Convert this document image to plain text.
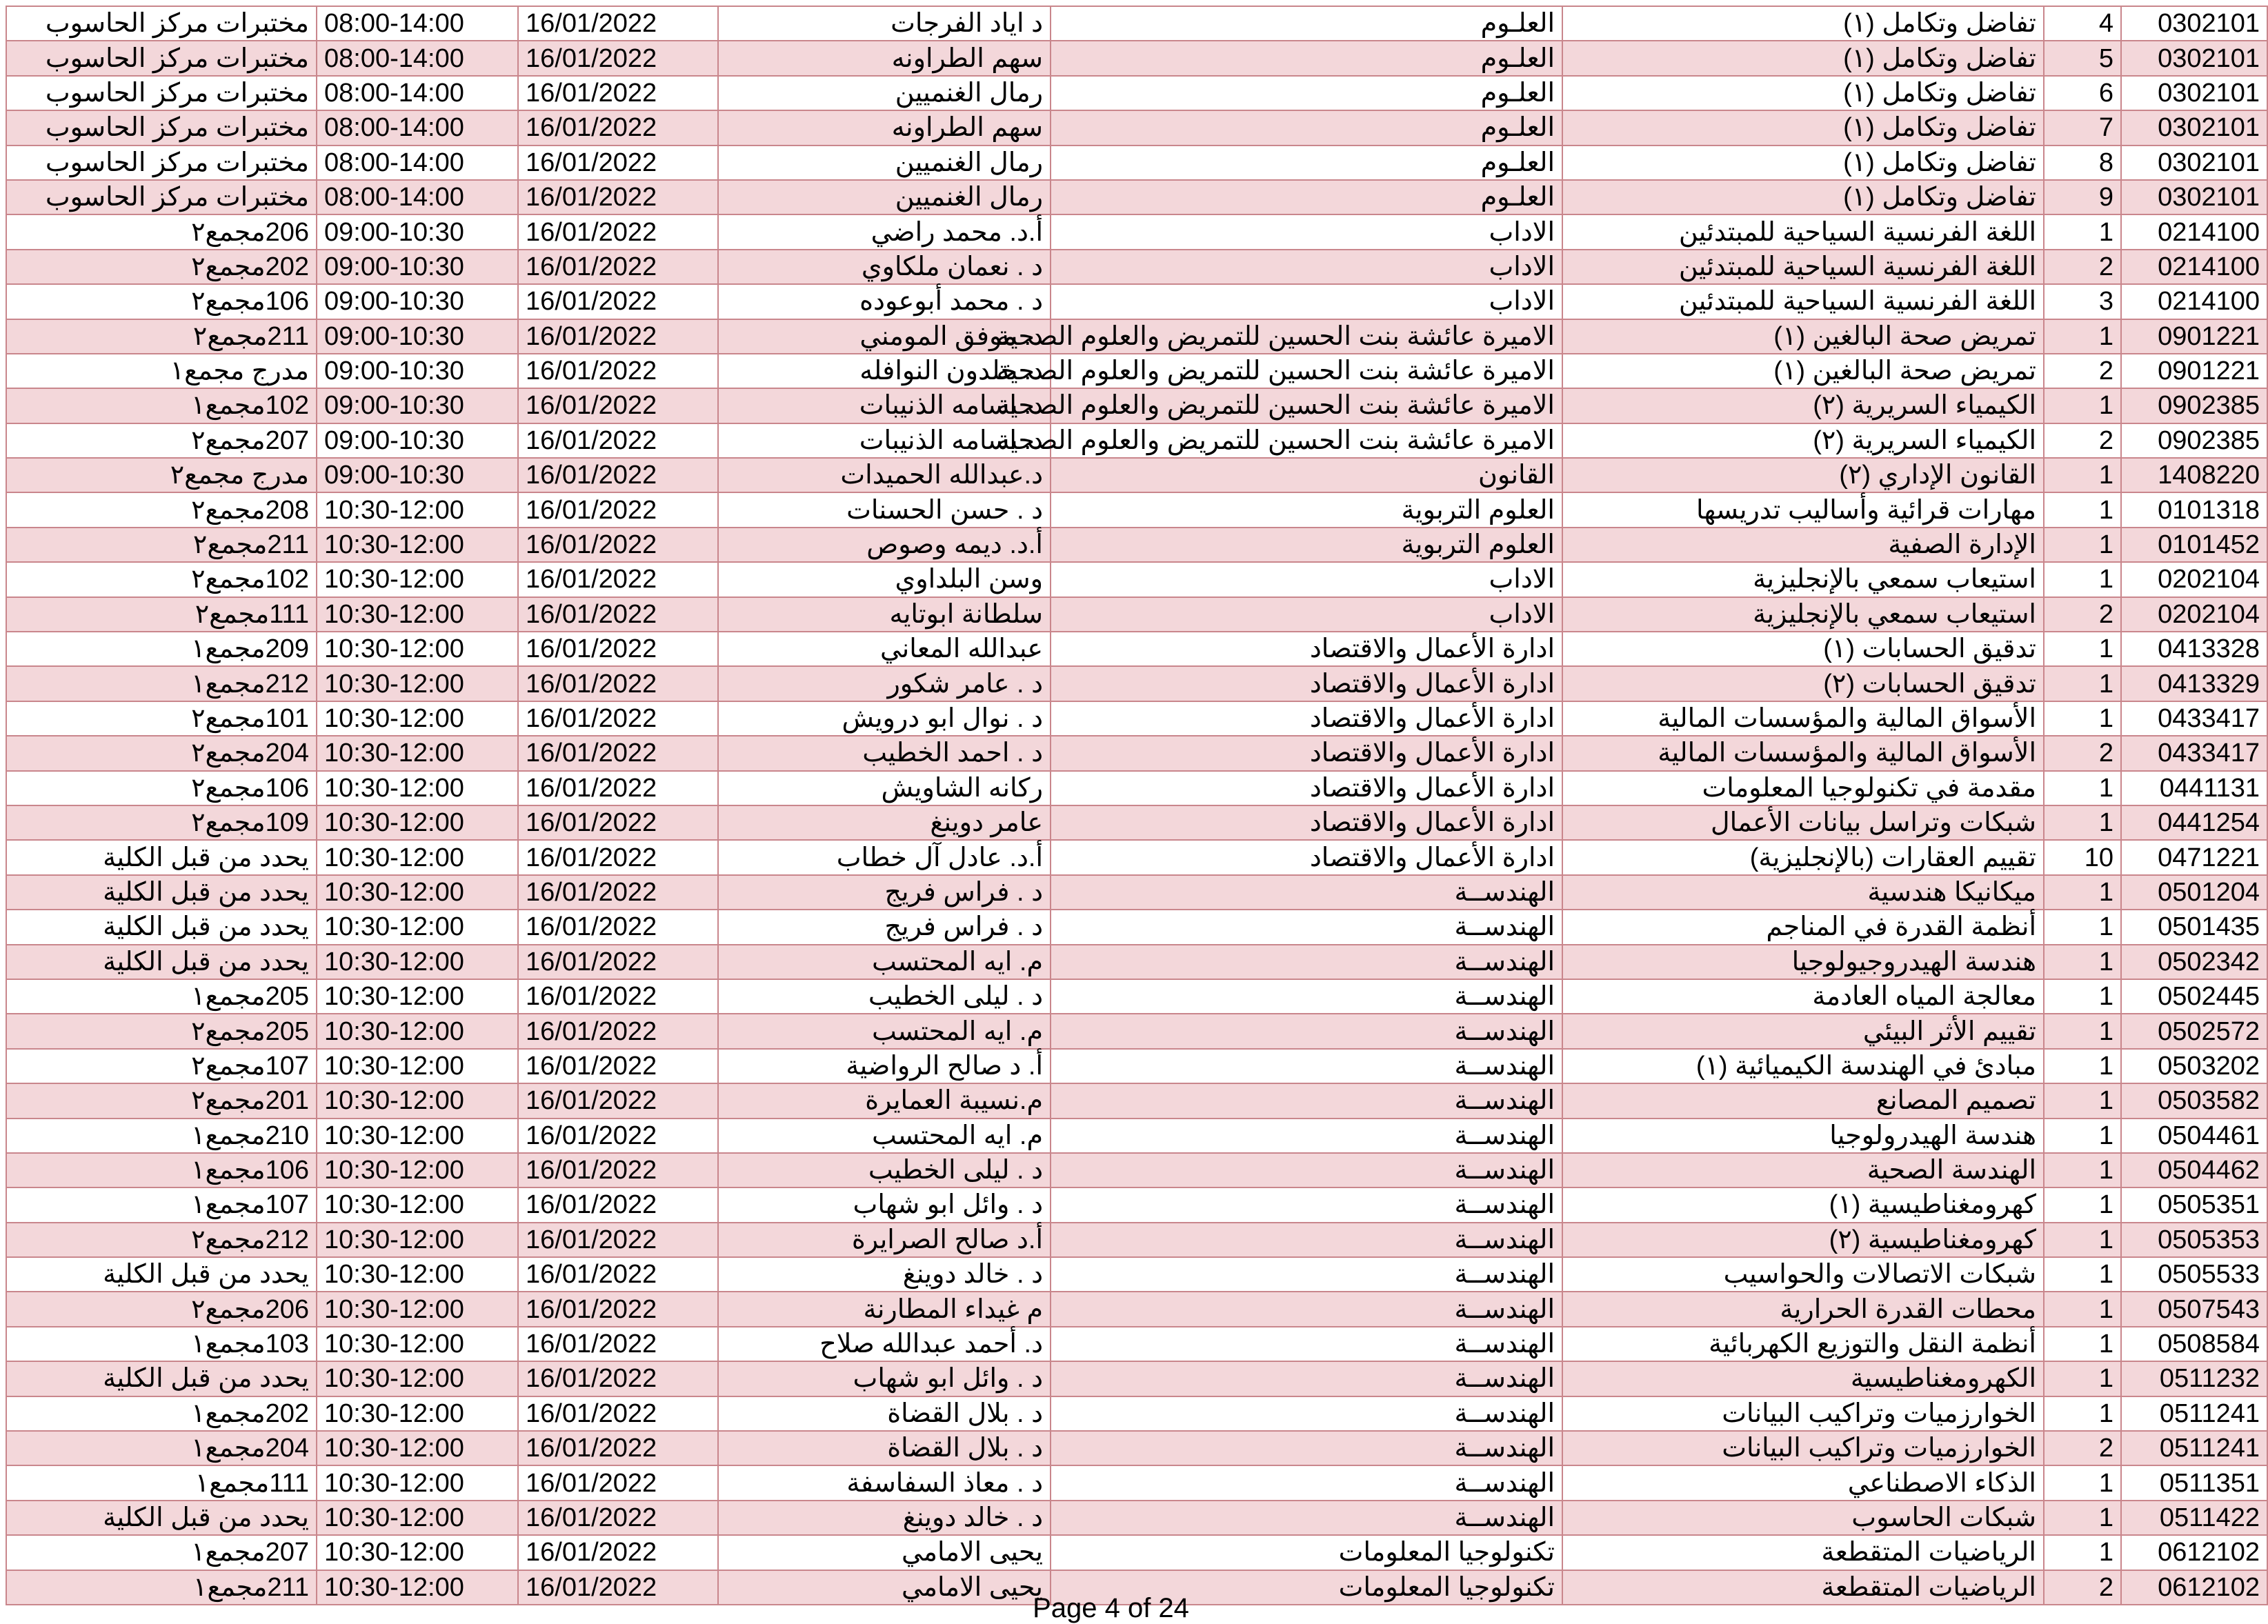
مختبرات مركز الحاسوب	08:00-14:00	16/01/2022	د اياد الفرجات	العلـوم	تفاضل وتكامل (١)	4	0302101
مختبرات مركز الحاسوب	08:00-14:00	16/01/2022	سهم الطراونه	العلـوم	تفاضل وتكامل (١)	5	0302101
مختبرات مركز الحاسوب	08:00-14:00	16/01/2022	رمال الغنميين	العلـوم	تفاضل وتكامل (١)	6	0302101
مختبرات مركز الحاسوب	08:00-14:00	16/01/2022	سهم الطراونه	العلـوم	تفاضل وتكامل (١)	7	0302101
مختبرات مركز الحاسوب	08:00-14:00	16/01/2022	رمال الغنميين	العلـوم	تفاضل وتكامل (١)	8	0302101
مختبرات مركز الحاسوب	08:00-14:00	16/01/2022	رمال الغنميين	العلـوم	تفاضل وتكامل (١)	9	0302101
206مجمع٢	09:00-10:30	16/01/2022	أ.د. محمد راضي	الاداب	اللغة الفرنسية السياحية للمبتدئين	1	0214100
202مجمع٢	09:00-10:30	16/01/2022	د . نعمان ملكاوي	الاداب	اللغة الفرنسية السياحية للمبتدئين	2	0214100
106مجمع٢	09:00-10:30	16/01/2022	د . محمد أبوعوده	الاداب	اللغة الفرنسية السياحية للمبتدئين	3	0214100
211مجمع٢	09:00-10:30	16/01/2022	د. موفق المومني	الاميرة عائشة بنت الحسين للتمريض والعلوم الصحية	تمريض صحة البالغين (١)	1	0901221
مدرج مجمع١	09:00-10:30	16/01/2022	د. خلدون النوافله	الاميرة عائشة بنت الحسين للتمريض والعلوم الصحية	تمريض صحة البالغين (١)	2	0901221
102مجمع١	09:00-10:30	16/01/2022	د. اسامه الذنيبات	الاميرة عائشة بنت الحسين للتمريض والعلوم الصحية	الكيمياء السريرية (٢)	1	0902385
207مجمع٢	09:00-10:30	16/01/2022	د. اسامه الذنيبات	الاميرة عائشة بنت الحسين للتمريض والعلوم الصحية	الكيمياء السريرية (٢)	2	0902385
مدرج مجمع٢	09:00-10:30	16/01/2022	د.عبدالله الحميدات	القانون	القانون الإداري (٢)	1	1408220
208مجمع٢	10:30-12:00	16/01/2022	د . حسن الحسنات	العلوم التربوية	مهارات قرائية وأساليب تدريسها	1	0101318
211مجمع٢	10:30-12:00	16/01/2022	أ.د. ديمه وصوص	العلوم التربوية	الإدارة الصفية	1	0101452
102مجمع٢	10:30-12:00	16/01/2022	وسن البلداوي	الاداب	استيعاب سمعي بالإنجليزية	1	0202104
111مجمع٢	10:30-12:00	16/01/2022	سلطانة ابوتايه	الاداب	استيعاب سمعي بالإنجليزية	2	0202104
209مجمع١	10:30-12:00	16/01/2022	عبدالله المعاني	ادارة الأعمال والاقتصاد	تدقيق الحسابات (١)	1	0413328
212مجمع١	10:30-12:00	16/01/2022	د . عامر شكور	ادارة الأعمال والاقتصاد	تدقيق الحسابات (٢)	1	0413329
101مجمع٢	10:30-12:00	16/01/2022	د . نوال ابو درويش	ادارة الأعمال والاقتصاد	الأسواق المالية والمؤسسات المالية	1	0433417
204مجمع٢	10:30-12:00	16/01/2022	د . احمد الخطيب	ادارة الأعمال والاقتصاد	الأسواق المالية والمؤسسات المالية	2	0433417
106مجمع٢	10:30-12:00	16/01/2022	ركانه الشاويش	ادارة الأعمال والاقتصاد	مقدمة في تكنولوجيا المعلومات	1	0441131
109مجمع٢	10:30-12:00	16/01/2022	عامر دوينغ	ادارة الأعمال والاقتصاد	شبكات وتراسل بيانات الأعمال	1	0441254
يحدد من قبل الكلية	10:30-12:00	16/01/2022	أ.د. عادل آل خطاب	ادارة الأعمال والاقتصاد	تقييم العقارات (بالإنجليزية)	10	0471221
يحدد من قبل الكلية	10:30-12:00	16/01/2022	د . فراس فريج	الهندســة	ميكانيكا هندسية	1	0501204
يحدد من قبل الكلية	10:30-12:00	16/01/2022	د . فراس فريج	الهندســة	أنظمة القدرة في المناجم	1	0501435
يحدد من قبل الكلية	10:30-12:00	16/01/2022	م. ايه المحتسب	الهندســة	هندسة الهيدروجيولوجيا	1	0502342
205مجمع١	10:30-12:00	16/01/2022	د . ليلى الخطيب	الهندســة	معالجة المياه العادمة	1	0502445
205مجمع٢	10:30-12:00	16/01/2022	م. ايه المحتسب	الهندســة	تقييم الأثر البيئي	1	0502572
107مجمع٢	10:30-12:00	16/01/2022	أ. د صالح الرواضية	الهندســة	مبادئ في الهندسة الكيميائية (١)	1	0503202
201مجمع٢	10:30-12:00	16/01/2022	م.نسيبة العمايرة	الهندســة	تصميم المصانع	1	0503582
210مجمع١	10:30-12:00	16/01/2022	م. ايه المحتسب	الهندســة	هندسة الهيدرولوجيا	1	0504461
106مجمع١	10:30-12:00	16/01/2022	د . ليلى الخطيب	الهندســة	الهندسة الصحية	1	0504462
107مجمع١	10:30-12:00	16/01/2022	د . وائل ابو شهاب	الهندســة	كهرومغناطيسية (١)	1	0505351
212مجمع٢	10:30-12:00	16/01/2022	أ.د صالح الصرايرة	الهندســة	كهرومغناطيسية (٢)	1	0505353
يحدد من قبل الكلية	10:30-12:00	16/01/2022	د . خالد دوينغ	الهندســة	شبكات الاتصالات والحواسيب	1	0505533
206مجمع٢	10:30-12:00	16/01/2022	م غيداء المطارنة	الهندســة	محطات القدرة الحرارية	1	0507543
103مجمع١	10:30-12:00	16/01/2022	د. أحمد عبدالله صلاح	الهندســة	أنظمة النقل والتوزيع الكهربائية	1	0508584
يحدد من قبل الكلية	10:30-12:00	16/01/2022	د . وائل ابو شهاب	الهندســة	الكهرومغناطيسية	1	0511232
202مجمع١	10:30-12:00	16/01/2022	د . بلال القضاة	الهندســة	الخوارزميات وتراكيب البيانات	1	0511241
204مجمع١	10:30-12:00	16/01/2022	د . بلال القضاة	الهندســة	الخوارزميات وتراكيب البيانات	2	0511241
111مجمع١	10:30-12:00	16/01/2022	د . معاذ السفاسفة	الهندســة	الذكاء الاصطناعي	1	0511351
يحدد من قبل الكلية	10:30-12:00	16/01/2022	د . خالد دوينغ	الهندســة	شبكات الحاسوب	1	0511422
207مجمع١	10:30-12:00	16/01/2022	يحيى الامامي	تكنولوجيا المعلومات	الرياضيات المتقطعة	1	0612102
211مجمع١	10:30-12:00	16/01/2022	يحيى الامامي	تكنولوجيا المعلومات	الرياضيات المتقطعة	2	0612102
Page 4 of 24
